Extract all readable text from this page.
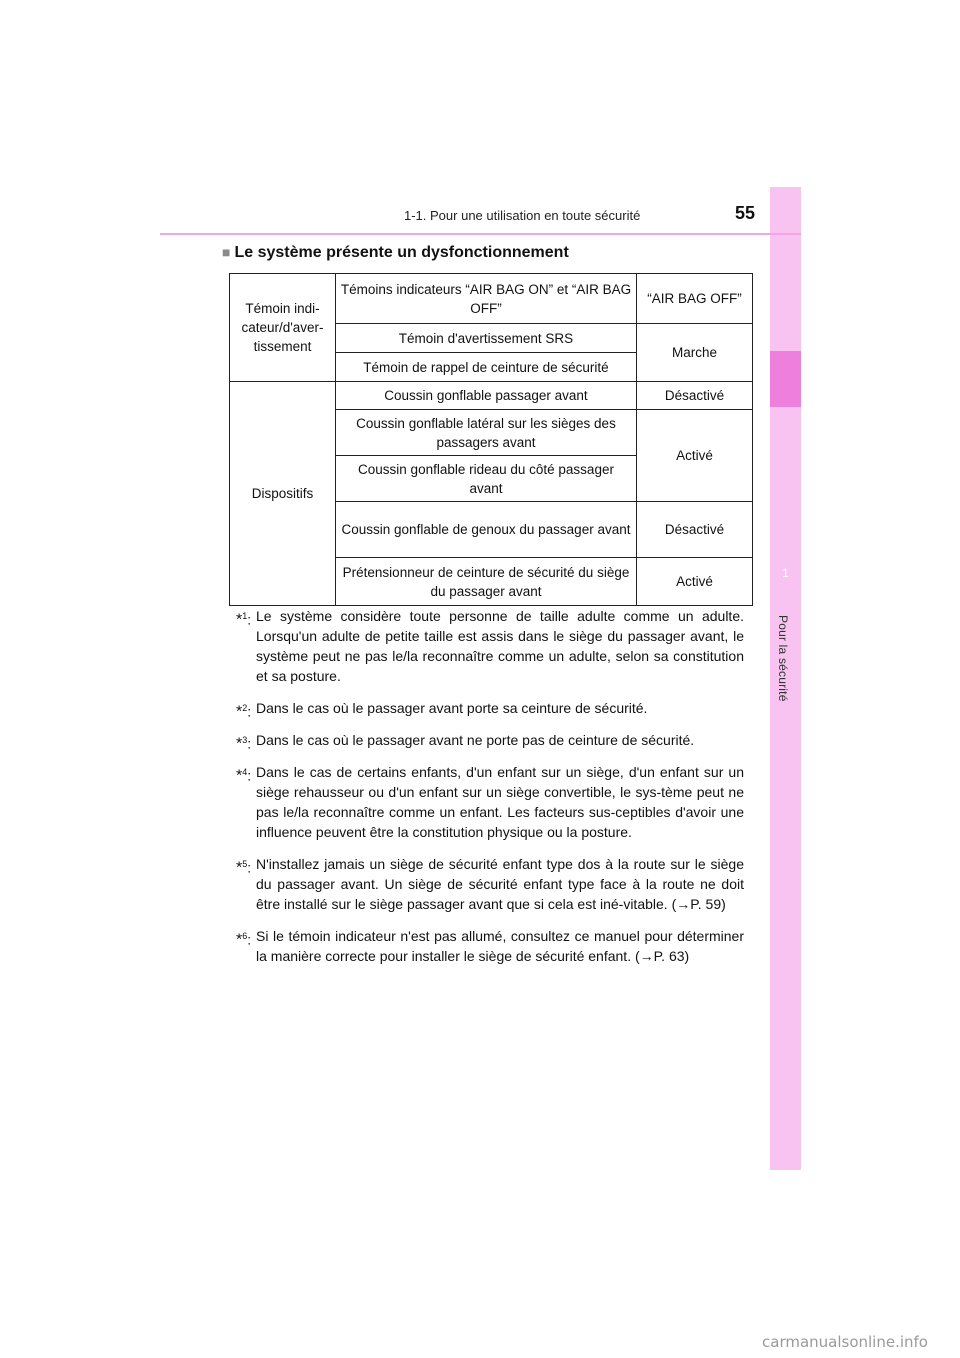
1
Pour la sécurité
1-1. Pour une utilisation en toute sécurité	55
■ Le système présente un dysfonctionnement
Témoin indi-cateur/d'aver-tissement	Témoins indicateurs “AIR BAG ON” et “AIR BAG OFF”	“AIR BAG OFF”
	Témoin d'avertissement SRS	Marche
	Témoin de rappel de ceinture de sécurité	
Dispositifs	Coussin gonflable passager avant	Désactivé
	Coussin gonflable latéral sur les sièges des passagers avant	Activé
	Coussin gonflable rideau du côté passager avant	
	Coussin gonflable de genoux du passager avant	Désactivé
	Prétensionneur de ceinture de sécurité du siège du passager avant	Activé
*$^1$: Le système considère toute personne de taille adulte comme un adulte. Lorsqu'un adulte de petite taille est assis dans le siège du passager avant, le système peut ne pas le/la reconnaître comme un adulte, selon sa constitution et sa posture.

*$^2$: Dans le cas où le passager avant porte sa ceinture de sécurité.

*$^3$: Dans le cas où le passager avant ne porte pas de ceinture de sécurité.

*$^4$: Dans le cas de certains enfants, d'un enfant sur un siège, d'un enfant sur un siège rehausseur ou d'un enfant sur un siège convertible, le sys-tème peut ne pas le/la reconnaître comme un enfant. Les facteurs sus-ceptibles d'avoir une influence peuvent être la constitution physique ou la posture.

*$^5$: N'installez jamais un siège de sécurité enfant type dos à la route sur le siège du passager avant. Un siège de sécurité enfant type face à la route ne doit être installé sur le siège passager avant que si cela est iné-vitable. (→P. 59)

*$^6$: Si le témoin indicateur n'est pas allumé, consultez ce manuel pour déterminer la manière correcte pour installer le siège de sécurité enfant. (→P. 63)

carmanualsonline.info
